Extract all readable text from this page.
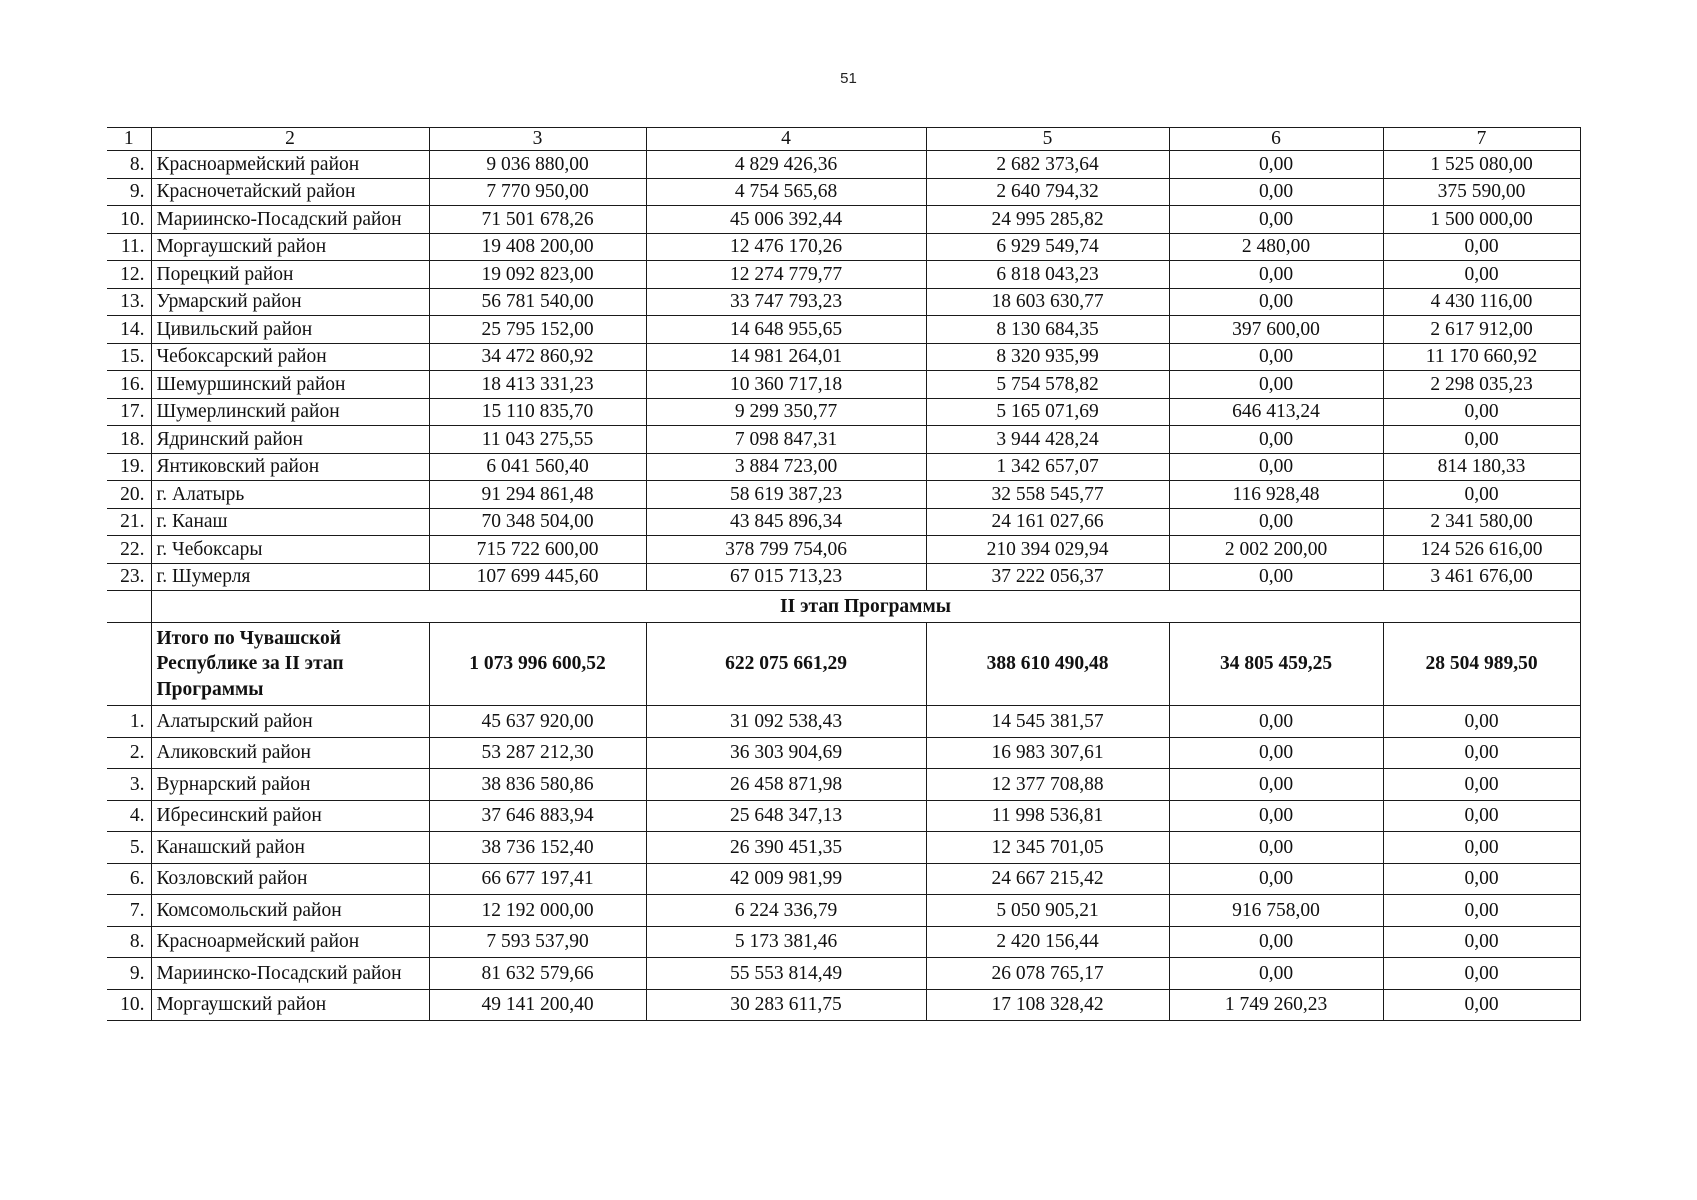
51
1	2	3	4	5	6	7
8.	Красноармейский район	9 036 880,00	4 829 426,36	2 682 373,64	0,00	1 525 080,00
9.	Красночетайский район	7 770 950,00	4 754 565,68	2 640 794,32	0,00	375 590,00
10.	Мариинско-Посадский район	71 501 678,26	45 006 392,44	24 995 285,82	0,00	1 500 000,00
11.	Моргаушский район	19 408 200,00	12 476 170,26	6 929 549,74	2 480,00	0,00
12.	Порецкий район	19 092 823,00	12 274 779,77	6 818 043,23	0,00	0,00
13.	Урмарский район	56 781 540,00	33 747 793,23	18 603 630,77	0,00	4 430 116,00
14.	Цивильский район	25 795 152,00	14 648 955,65	8 130 684,35	397 600,00	2 617 912,00
15.	Чебоксарский район	34 472 860,92	14 981 264,01	8 320 935,99	0,00	11 170 660,92
16.	Шемуршинский район	18 413 331,23	10 360 717,18	5 754 578,82	0,00	2 298 035,23
17.	Шумерлинский район	15 110 835,70	9 299 350,77	5 165 071,69	646 413,24	0,00
18.	Ядринский район	11 043 275,55	7 098 847,31	3 944 428,24	0,00	0,00
19.	Янтиковский район	6 041 560,40	3 884 723,00	1 342 657,07	0,00	814 180,33
20.	г. Алатырь	91 294 861,48	58 619 387,23	32 558 545,77	116 928,48	0,00
21.	г. Канаш	70 348 504,00	43 845 896,34	24 161 027,66	0,00	2 341 580,00
22.	г. Чебоксары	715 722 600,00	378 799 754,06	210 394 029,94	2 002 200,00	124 526 616,00
23.	г. Шумерля	107 699 445,60	67 015 713,23	37 222 056,37	0,00	3 461 676,00
	II этап Программы					
	Итого по Чувашской Республике за II этап Программы	1 073 996 600,52	622 075 661,29	388 610 490,48	34 805 459,25	28 504 989,50
1.	Алатырский район	45 637 920,00	31 092 538,43	14 545 381,57	0,00	0,00
2.	Аликовский район	53 287 212,30	36 303 904,69	16 983 307,61	0,00	0,00
3.	Вурнарский район	38 836 580,86	26 458 871,98	12 377 708,88	0,00	0,00
4.	Ибресинский район	37 646 883,94	25 648 347,13	11 998 536,81	0,00	0,00
5.	Канашский район	38 736 152,40	26 390 451,35	12 345 701,05	0,00	0,00
6.	Козловский район	66 677 197,41	42 009 981,99	24 667 215,42	0,00	0,00
7.	Комсомольский район	12 192 000,00	6 224 336,79	5 050 905,21	916 758,00	0,00
8.	Красноармейский район	7 593 537,90	5 173 381,46	2 420 156,44	0,00	0,00
9.	Мариинско-Посадский район	81 632 579,66	55 553 814,49	26 078 765,17	0,00	0,00
10.	Моргаушский район	49 141 200,40	30 283 611,75	17 108 328,42	1 749 260,23	0,00
